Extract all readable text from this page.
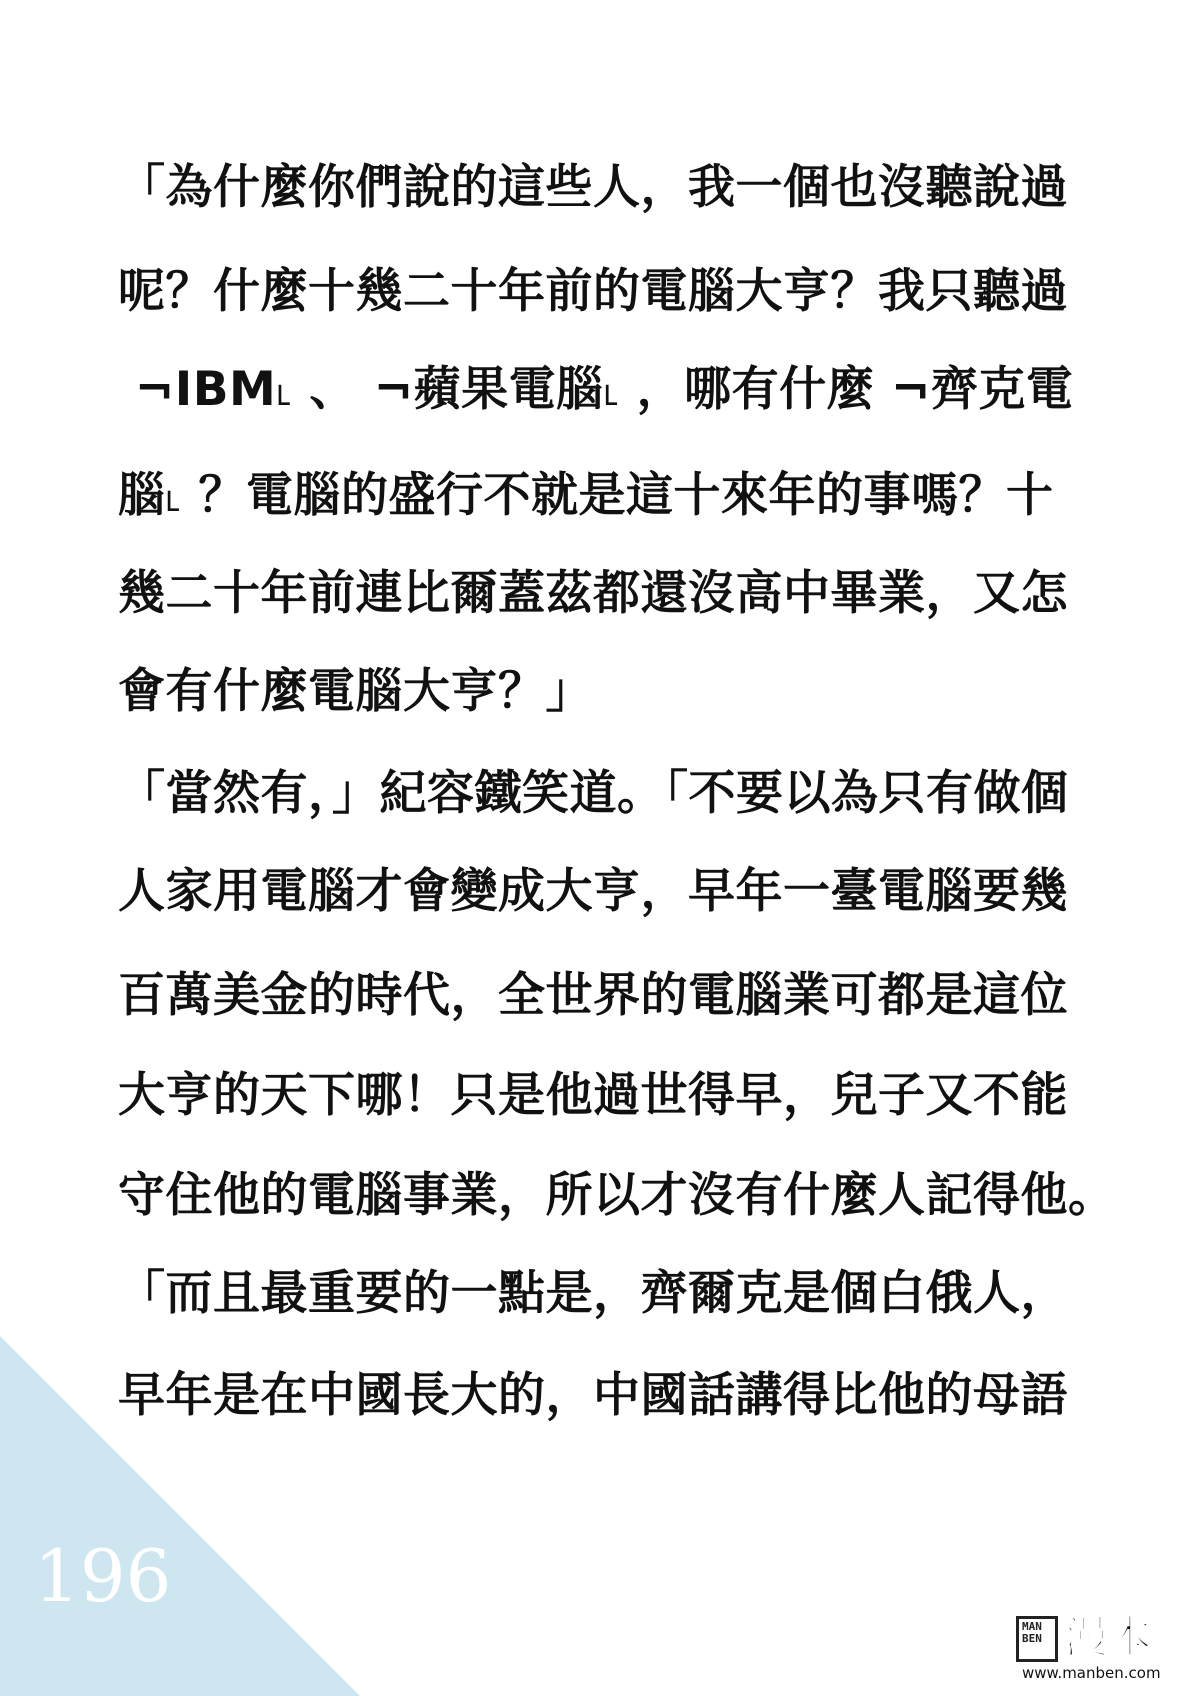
196
「為什麼你們說的這些人，我一個也沒聽說過
呢？什麼十幾二十年前的電腦大亨？我只聽過
¬IBM˪ 、 ¬蘋果電腦˪ ，哪有什麼 ¬齊克電
腦˪ ？電腦的盛行不就是這十來年的事嗎？十
幾二十年前連比爾蓋茲都還沒高中畢業，又怎
會有什麼電腦大亨？」
「當然有，」紀容鐵笑道。「不要以為只有做個
人家用電腦才會變成大亨，早年一臺電腦要幾
百萬美金的時代，全世界的電腦業可都是這位
大亨的天下哪！只是他過世得早，兒子又不能
守住他的電腦事業，所以才沒有什麼人記得他。
「而且最重要的一點是，齊爾克是個白俄人，
早年是在中國長大的，中國話講得比他的母語
MAN BEN 漫本
www.manben.com
